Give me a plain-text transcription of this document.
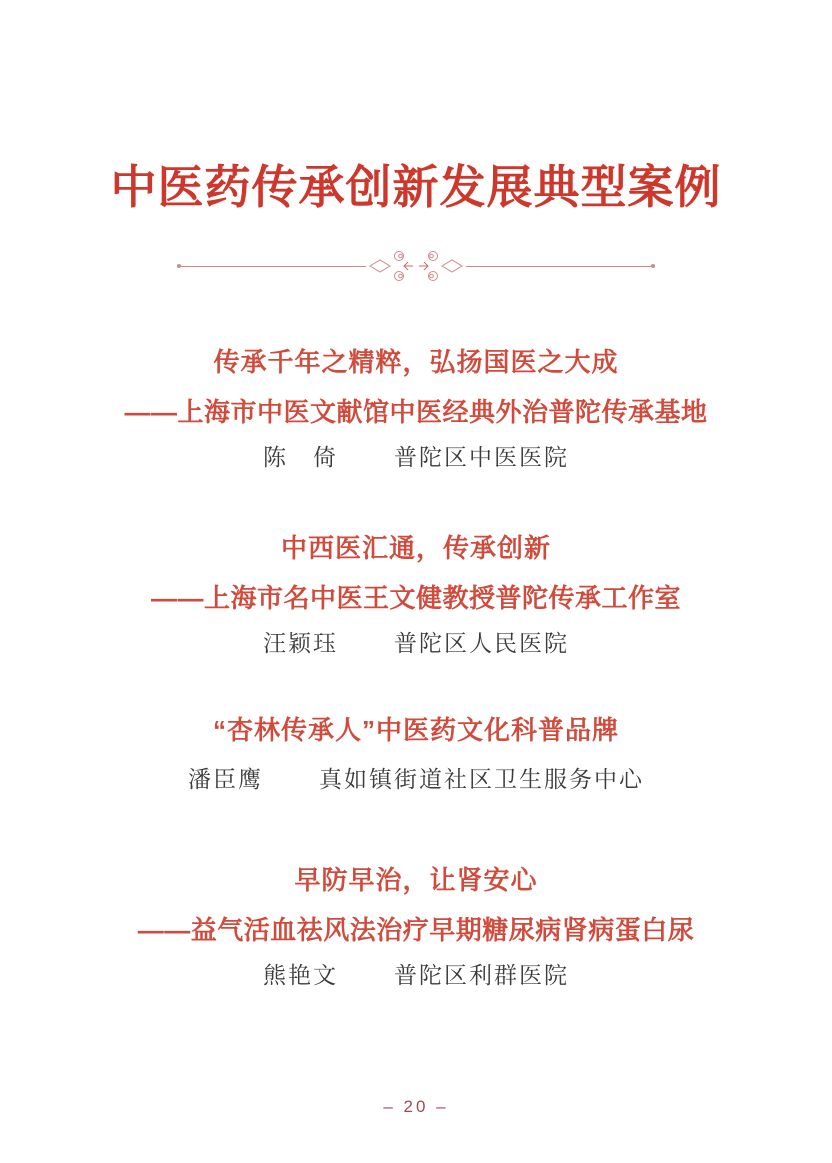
中医药传承创新发展典型案例
传承千年之精粹，弘扬国医之大成
——上海市中医文献馆中医经典外治普陀传承基地
陈　倚 普陀区中医医院
中西医汇通，传承创新
——上海市名中医王文健教授普陀传承工作室
汪颖珏 普陀区人民医院
“杏林传承人”中医药文化科普品牌
潘臣鹰 真如镇街道社区卫生服务中心
早防早治，让肾安心
——益气活血祛风法治疗早期糖尿病肾病蛋白尿
熊艳文 普陀区利群医院
– 20 –
